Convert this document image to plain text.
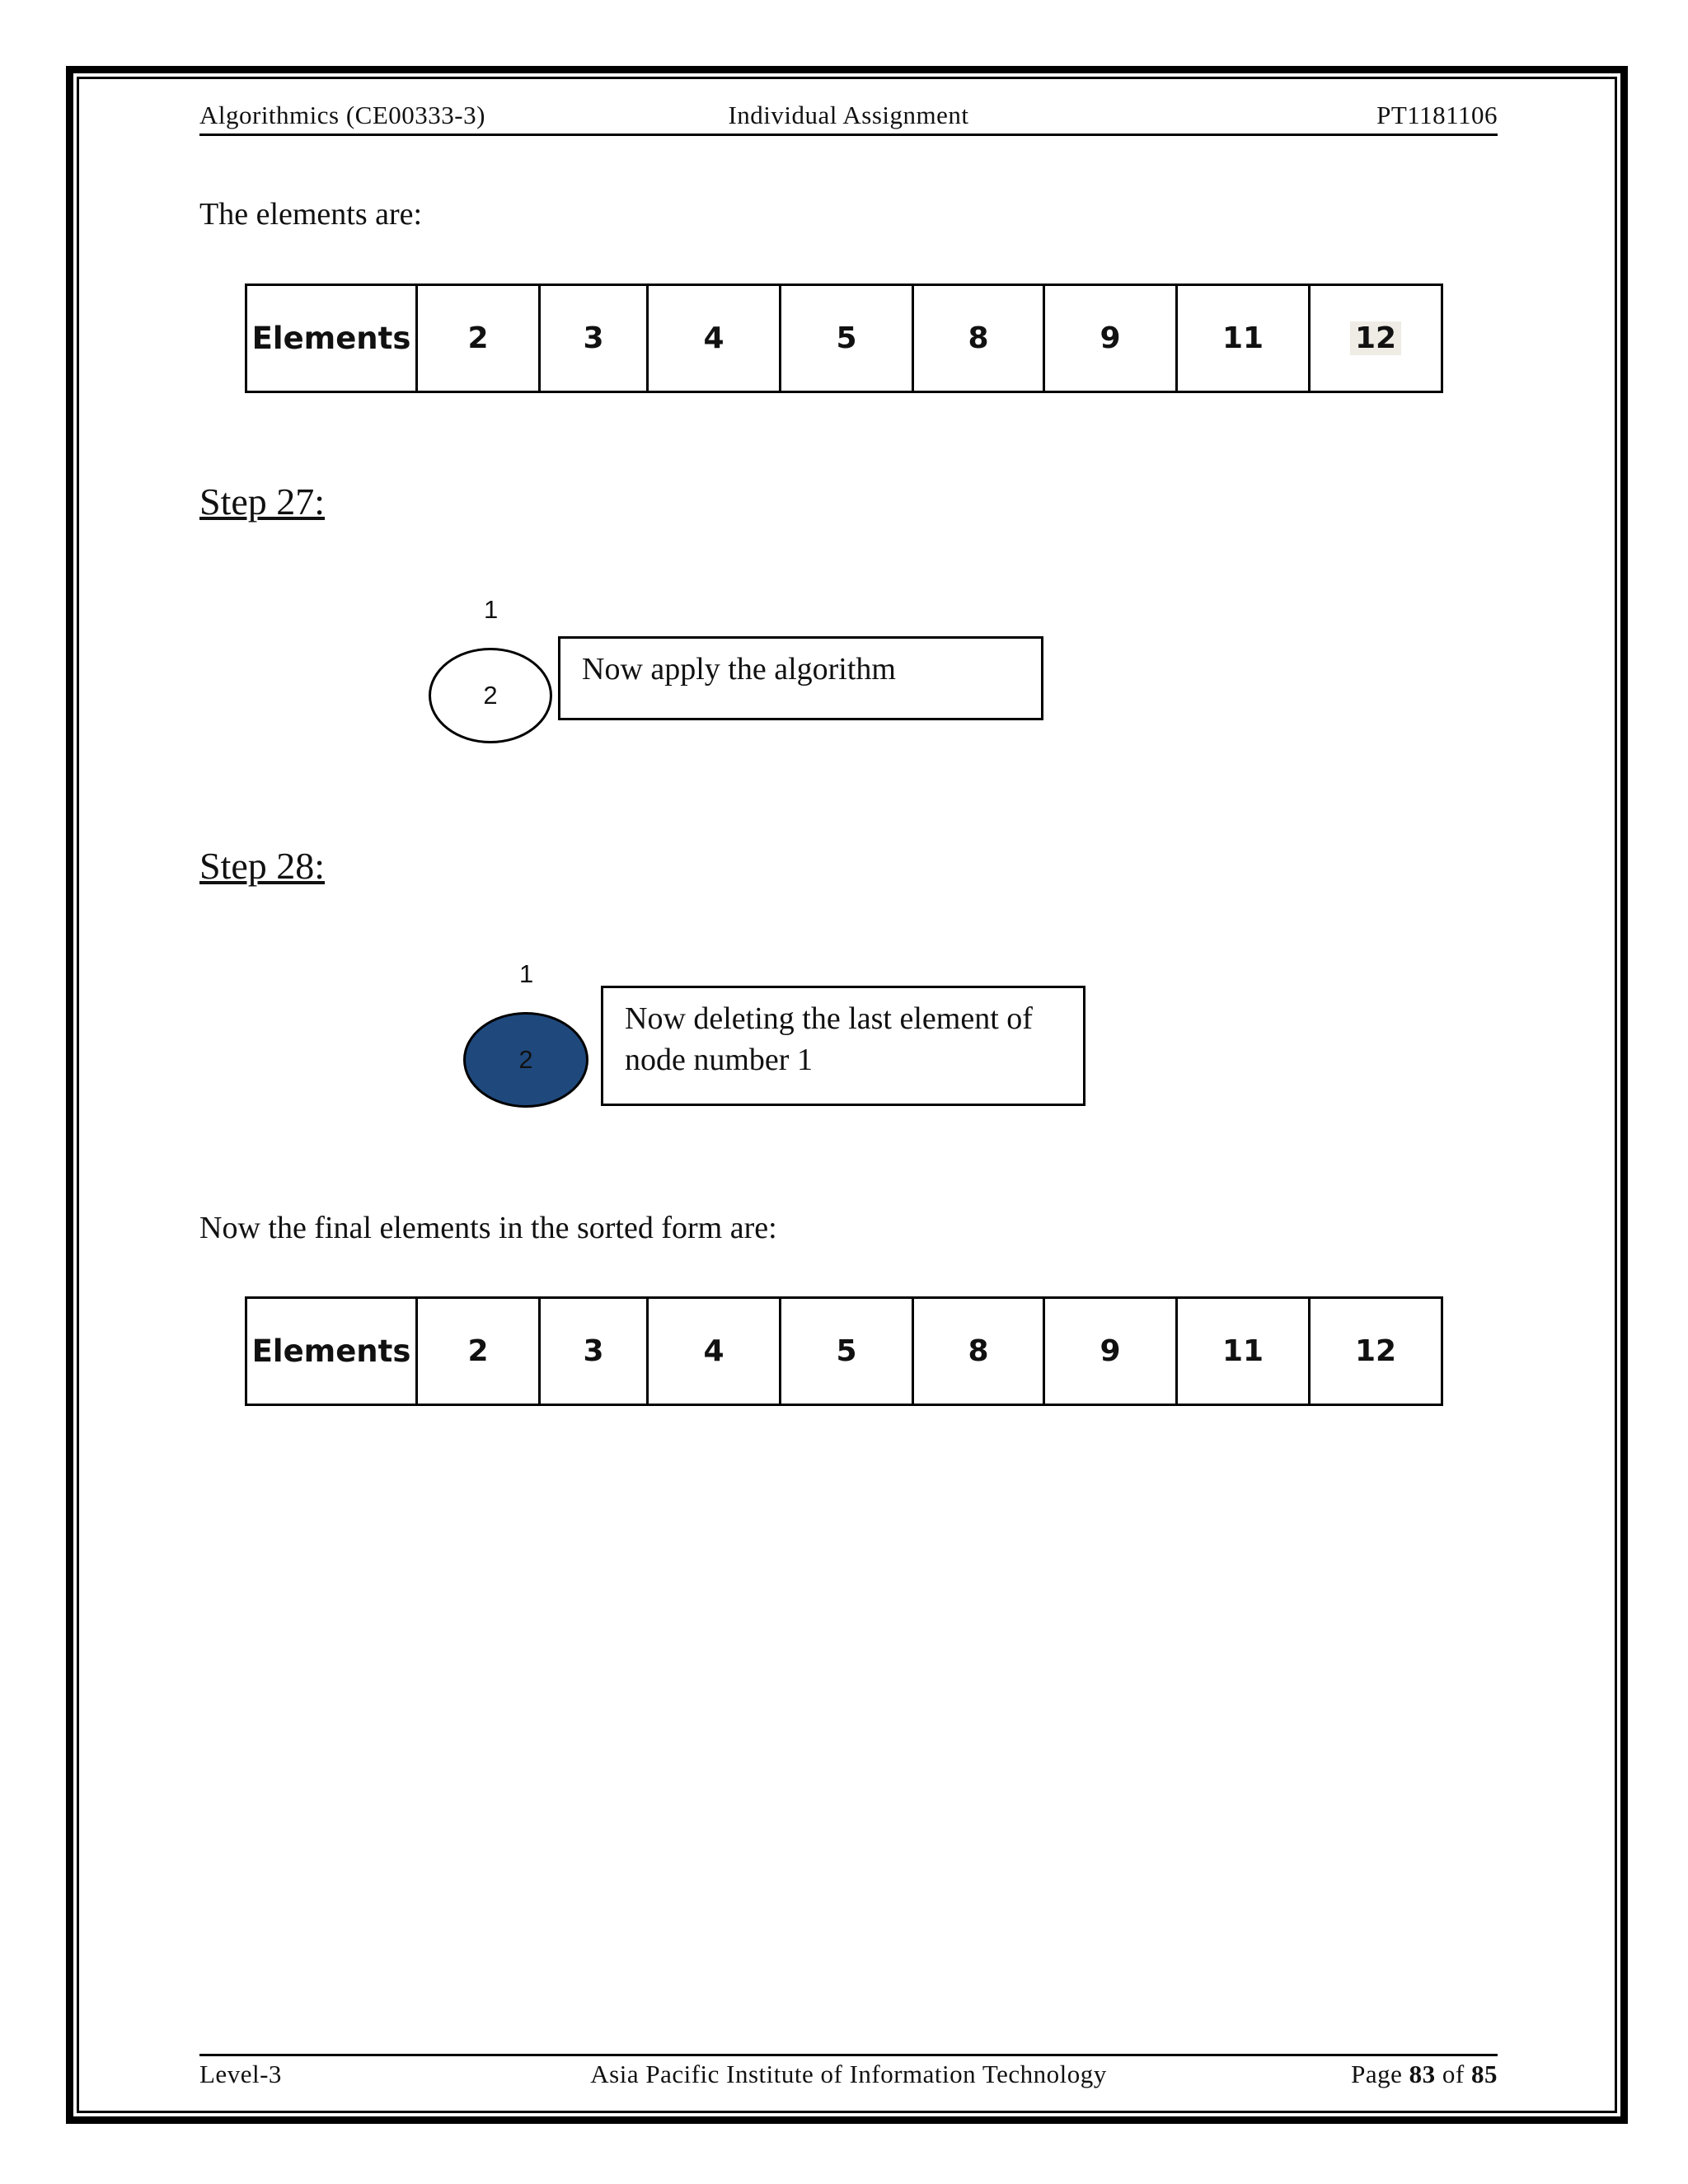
Algorithmics (CE00333-3)	Individual Assignment	PT1181106
The elements are:
Elements	2	3	4	5	8	9	11	12
Step 27:
1
2
Now apply the algorithm
Step 28:
1
2
Now deleting the last element of
node number 1
Now the final elements in the sorted form are:
Elements	2	3	4	5	8	9	11	12
Level-3	Asia Pacific Institute of Information Technology	Page 83 of 85
